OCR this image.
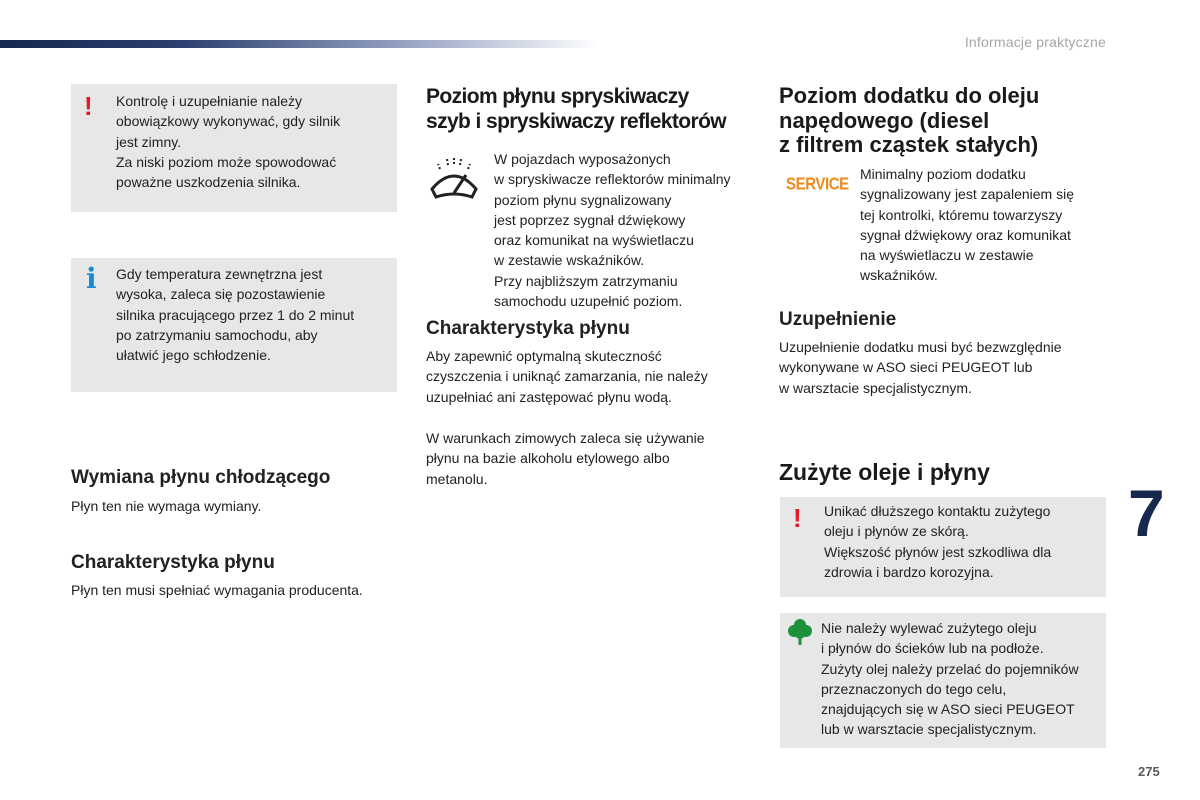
Informacje praktyczne
! Kontrolę i uzupełnianie należy
obowiązkowy wykonywać, gdy silnik
jest zimny.
Za niski poziom może spowodować
poważne uszkodzenia silnika.
i Gdy temperatura zewnętrzna jest
wysoka, zaleca się pozostawienie
silnika pracującego przez 1 do 2 minut
po zatrzymaniu samochodu, aby
ułatwić jego schłodzenie.
Wymiana płynu chłodzącego
Płyn ten nie wymaga wymiany.
Charakterystyka płynu
Płyn ten musi spełniać wymagania producenta.
Poziom płynu spryskiwaczy
szyb i spryskiwaczy reflektorów
W pojazdach wyposażonych
w spryskiwacze reflektorów minimalny
poziom płynu sygnalizowany
jest poprzez sygnał dźwiękowy
oraz komunikat na wyświetlaczu
w zestawie wskaźników.
Przy najbliższym zatrzymaniu
samochodu uzupełnić poziom.
Charakterystyka płynu
Aby zapewnić optymalną skuteczność
czyszczenia i uniknąć zamarzania, nie należy
uzupełniać ani zastępować płynu wodą.
W warunkach zimowych zaleca się używanie
płynu na bazie alkoholu etylowego albo
metanolu.
Poziom dodatku do oleju
napędowego (diesel
z filtrem cząstek stałych)
SERVICE
Minimalny poziom dodatku
sygnalizowany jest zapaleniem się
tej kontrolki, któremu towarzyszy
sygnał dźwiękowy oraz komunikat
na wyświetlaczu w zestawie
wskaźników.
Uzupełnienie
Uzupełnienie dodatku musi być bezwzględnie
wykonywane w ASO sieci PEUGEOT lub
w warsztacie specjalistycznym.
Zużyte oleje i płyny
! Unikać dłuższego kontaktu zużytego
oleju i płynów ze skórą.
Większość płynów jest szkodliwa dla
zdrowia i bardzo korozyjna.
Nie należy wylewać zużytego oleju
i płynów do ścieków lub na podłoże.
Zużyty olej należy przelać do pojemników
przeznaczonych do tego celu,
znajdujących się w ASO sieci PEUGEOT
lub w warsztacie specjalistycznym.
7
275
